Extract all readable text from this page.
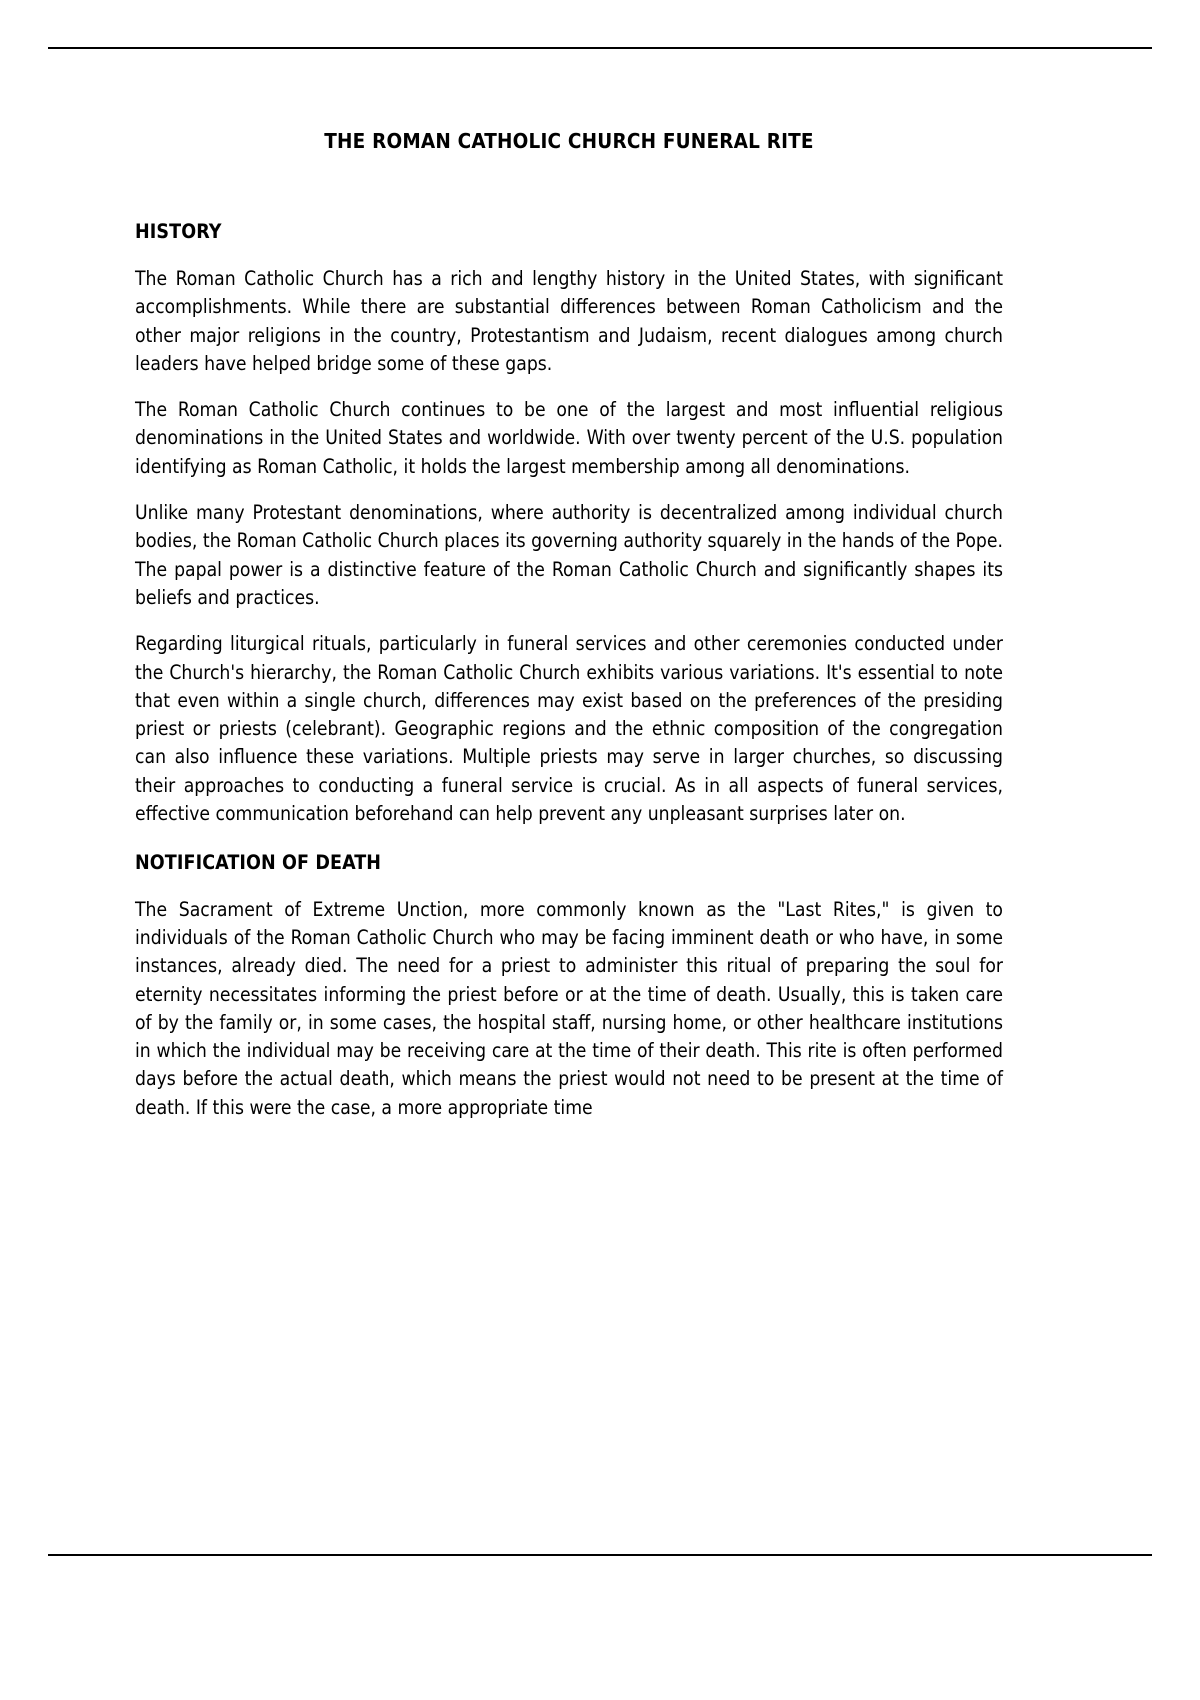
THE ROMAN CATHOLIC CHURCH FUNERAL RITE
HISTORY

The Roman Catholic Church has a rich and lengthy history in the United States, with significant accomplishments. While there are substantial differences between Roman Catholicism and the other major religions in the country, Protestantism and Judaism, recent dialogues among church leaders have helped bridge some of these gaps.

The Roman Catholic Church continues to be one of the largest and most influential religious denominations in the United States and worldwide. With over twenty percent of the U.S. population identifying as Roman Catholic, it holds the largest membership among all denominations.

Unlike many Protestant denominations, where authority is decentralized among individual church bodies, the Roman Catholic Church places its governing authority squarely in the hands of the Pope. The papal power is a distinctive feature of the Roman Catholic Church and significantly shapes its beliefs and practices.

Regarding liturgical rituals, particularly in funeral services and other ceremonies conducted under the Church's hierarchy, the Roman Catholic Church exhibits various variations. It's essential to note that even within a single church, differences may exist based on the preferences of the presiding priest or priests (celebrant). Geographic regions and the ethnic composition of the congregation can also influence these variations. Multiple priests may serve in larger churches, so discussing their approaches to conducting a funeral service is crucial. As in all aspects of funeral services, effective communication beforehand can help prevent any unpleasant surprises later on.

NOTIFICATION OF DEATH

The Sacrament of Extreme Unction, more commonly known as the "Last Rites," is given to individuals of the Roman Catholic Church who may be facing imminent death or who have, in some instances, already died. The need for a priest to administer this ritual of preparing the soul for eternity necessitates informing the priest before or at the time of death. Usually, this is taken care of by the family or, in some cases, the hospital staff, nursing home, or other healthcare institutions in which the individual may be receiving care at the time of their death. This rite is often performed days before the actual death, which means the priest would not need to be present at the time of death. If this were the case, a more appropriate time
